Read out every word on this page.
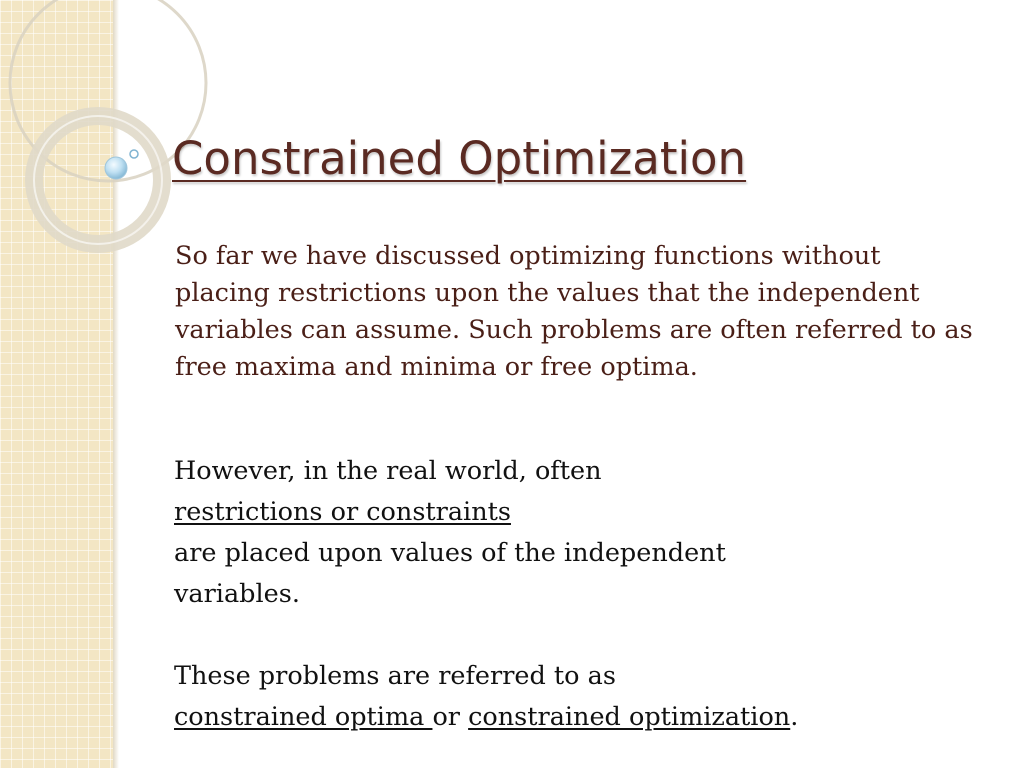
Constrained Optimization

So far we have discussed optimizing functions without placing restrictions upon the values that the independent variables can assume. Such problems are often referred to as free maxima and minima or free optima.

However, in the real world, often
restrictions or constraints
are placed upon values of the independent
variables.
These problems are referred to as
constrained optima or constrained optimization.
